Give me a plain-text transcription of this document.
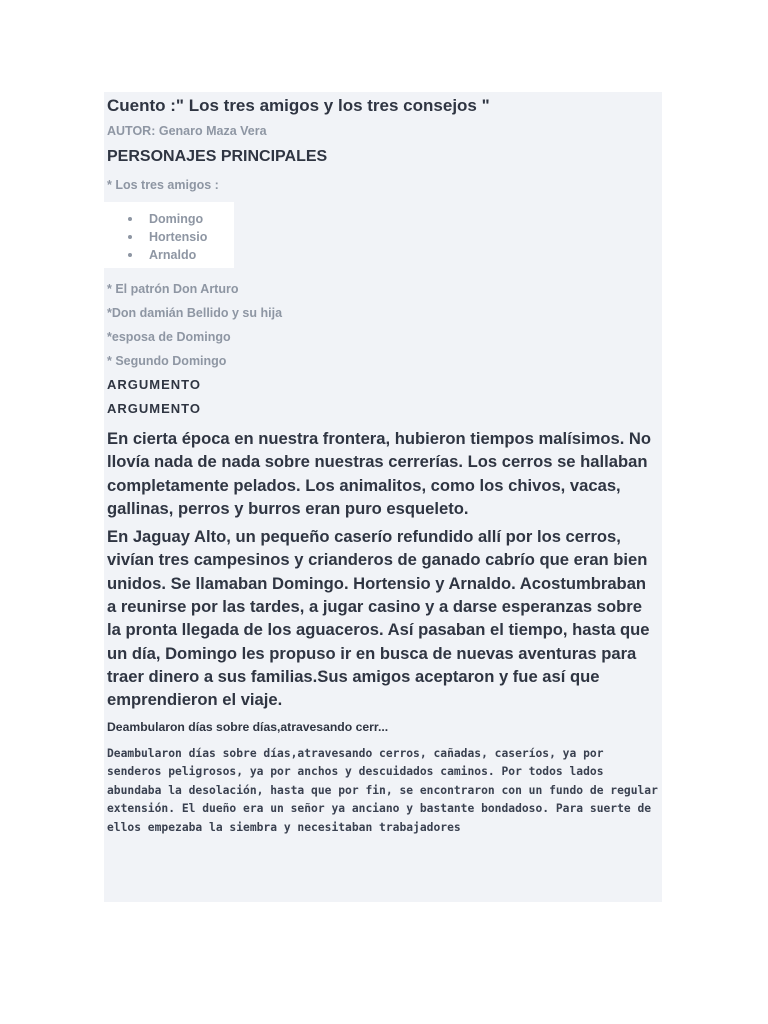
Cuento :" Los tres amigos y los tres consejos "
AUTOR: Genaro Maza Vera
PERSONAJES PRINCIPALES
* Los tres amigos :
Domingo
Hortensio
Arnaldo
* El patrón Don Arturo
*Don damián Bellido y su hija
*esposa de Domingo
* Segundo Domingo
ARGUMENTO
ARGUMENTO

En cierta época en nuestra frontera, hubieron tiempos malísimos. No llovía nada de nada sobre nuestras cerrerías. Los cerros se hallaban completamente pelados. Los animalitos, como los chivos, vacas, gallinas, perros y burros eran puro esqueleto.

En Jaguay Alto, un pequeño caserío refundido allí por los cerros, vivían tres campesinos y crianderos de ganado cabrío que eran bien unidos. Se llamaban Domingo. Hortensio y Arnaldo. Acostumbraban a reunirse por las tardes, a jugar casino y a darse esperanzas sobre la pronta llegada de los aguaceros. Así pasaban el tiempo, hasta que un día, Domingo les propuso ir en busca de nuevas aventuras para traer dinero a sus familias.Sus amigos aceptaron y fue así que emprendieron el viaje.

Deambularon días sobre días,atravesando cerr...
Deambularon días sobre días,atravesando cerros, cañadas, caseríos, ya por senderos peligrosos, ya por anchos y descuidados caminos. Por todos lados abundaba la desolación, hasta que por fin, se encontraron con un fundo de regular extensión. El dueño era un señor ya anciano y bastante bondadoso. Para suerte de ellos empezaba la siembra y necesitaban trabajadores
